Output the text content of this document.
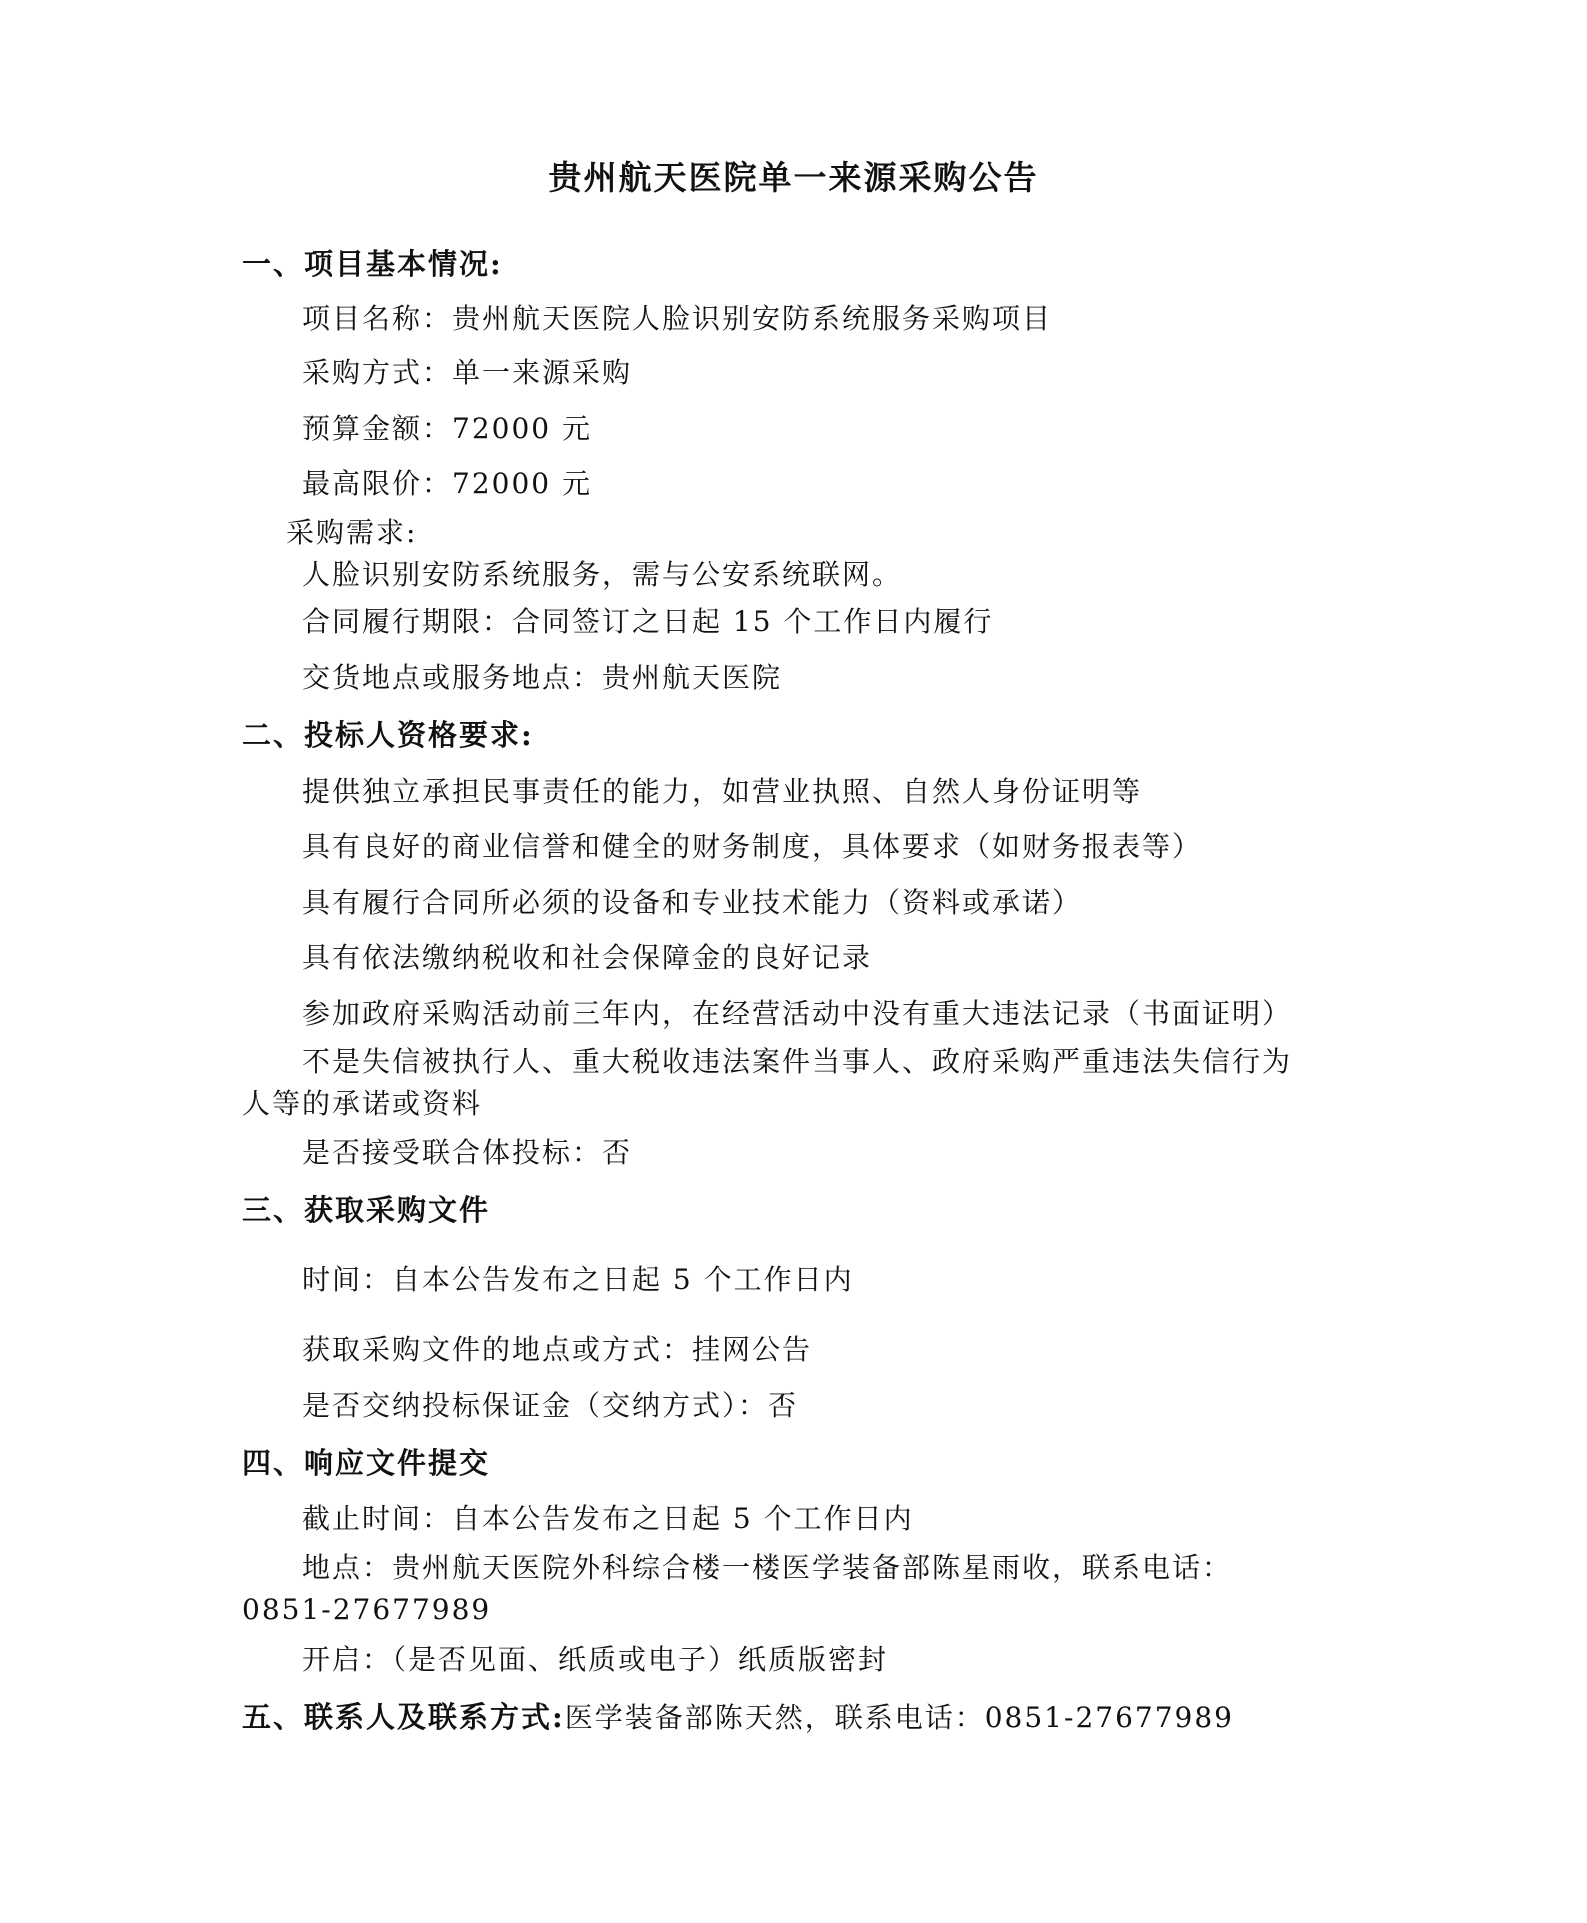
贵州航天医院单一来源采购公告
一、项目基本情况:
项目名称：贵州航天医院人脸识别安防系统服务采购项目
采购方式：单一来源采购
预算金额：72000 元
最高限价：72000 元
采购需求:
人脸识别安防系统服务，需与公安系统联网。
合同履行期限：合同签订之日起 15 个工作日内履行
交货地点或服务地点：贵州航天医院
二、投标人资格要求:
提供独立承担民事责任的能力，如营业执照、自然人身份证明等
具有良好的商业信誉和健全的财务制度，具体要求（如财务报表等）
具有履行合同所必须的设备和专业技术能力（资料或承诺）
具有依法缴纳税收和社会保障金的良好记录
参加政府采购活动前三年内，在经营活动中没有重大违法记录（书面证明）
不是失信被执行人、重大税收违法案件当事人、政府采购严重违法失信行为
人等的承诺或资料
是否接受联合体投标：否
三、获取采购文件
时间：自本公告发布之日起 5 个工作日内
获取采购文件的地点或方式：挂网公告
是否交纳投标保证金（交纳方式）：否
四、响应文件提交
截止时间：自本公告发布之日起 5 个工作日内
地点：贵州航天医院外科综合楼一楼医学装备部陈星雨收，联系电话：
0851-27677989
开启：（是否见面、纸质或电子）纸质版密封
五、联系人及联系方式:医学装备部陈天然，联系电话：0851-27677989
